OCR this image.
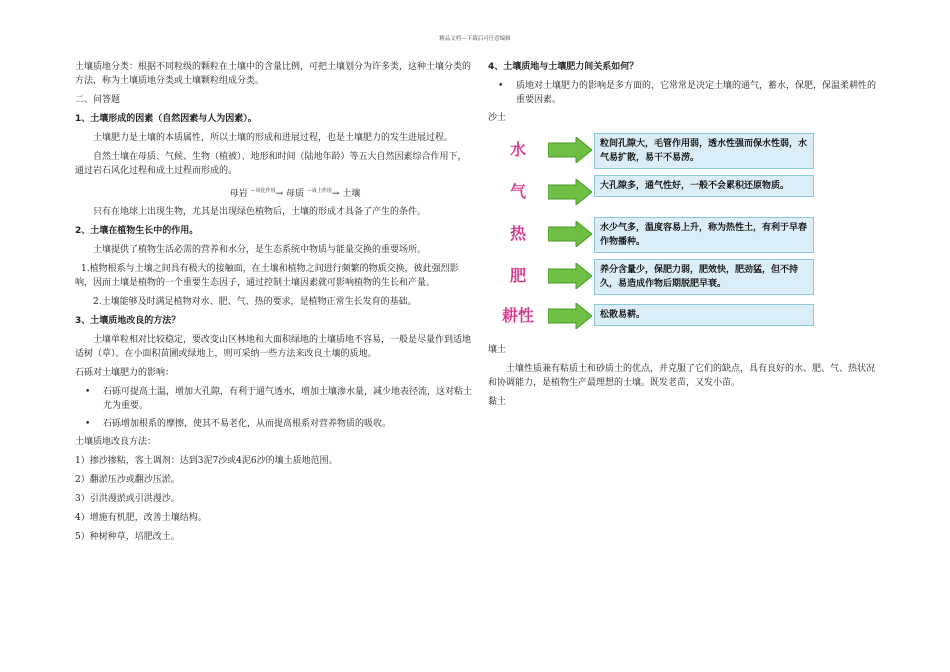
精品文档---下载后可任意编辑

土壤质地分类：根据不同粒级的颗粒在土壤中的含量比例，可把土壤划分为许多类，这种土壤分类的方法，称为土壤质地分类或土壤颗粒组成分类。

二、问答题

1、土壤形成的因素（自然因素与人为因素）。

土壤肥力是土壤的本质属性，所以土壤的形成和进展过程，也是土壤肥力的发生进展过程。

自然土壤在母质、气候、生物（植被）、地形和时间（陆地年龄）等五大自然因素综合作用下，通过岩石风化过程和成土过程而形成的。

母岩 $^{—风化作用}$→ 母质 $^{—成土作用}$→ 土壤

只有在地球上出现生物，尤其是出现绿色植物后，土壤的形成才具备了产生的条件。

2、土壤在植物生长中的作用。

土壤提供了植物生活必需的营养和水分，是生态系统中物质与能量交换的重要场所。

1.植物根系与土壤之间具有极大的接触面，在土壤和植物之间进行频繁的物质交换，彼此强烈影响，因而土壤是植物的一个重要生态因子，通过控制土壤因素就可影响植物的生长和产量。

2.土壤能够及时满足植物对水、肥、气、热的要求，是植物正常生长发育的基础。

3、土壤质地改良的方法？

土壤单粒相对比较稳定，要改变山区林地和大面积绿地的土壤质地不容易，一般是尽量作到适地适树（草）。在小面积苗圃或绿地上，则可采纳一些方法来改良土壤的质地。

石砾对土壤肥力的影响：

•	石砾可提高土温，增加大孔隙，有利于通气透水，增加土壤渗水量，减少地表径流，这对粘土尤为重要。
•	石砾增加根系的摩擦，使其不易老化，从而提高根系对营养物质的吸收。

土壤质地改良方法：

1）掺沙掺粘，客土调剂：达到3泥7沙或4泥6沙的壤土质地范围。

2）翻淤压沙或翻沙压淤。

3）引洪漫淤或引洪漫沙。

4）增施有机肥，改善土壤结构。

5）种树种草，培肥改土。

4、土壤质地与土壤肥力间关系如何？

•	质地对土壤肥力的影响是多方面的，它常常是决定土壤的通气，蓄水，保肥，保温柔耕性的重要因素。

沙土

水	粒间孔隙大，毛管作用弱，透水性强而保水性弱，水气易扩散，易干不易涝。
气	大孔隙多，通气性好，一般不会累积还原物质。
热	水少气多，温度容易上升，称为热性土，有利于早春作物播种。
肥	养分含量少，保肥力弱，肥效快，肥劲猛，但不持久，易造成作物后期脱肥早衰。
耕性	松散易耕。

壤土

土壤性质兼有粘质土和砂质土的优点，并克服了它们的缺点，具有良好的水、肥、气、热状况和协调能力，是植物生产最理想的土壤。既发老苗，又发小苗。

黏土
